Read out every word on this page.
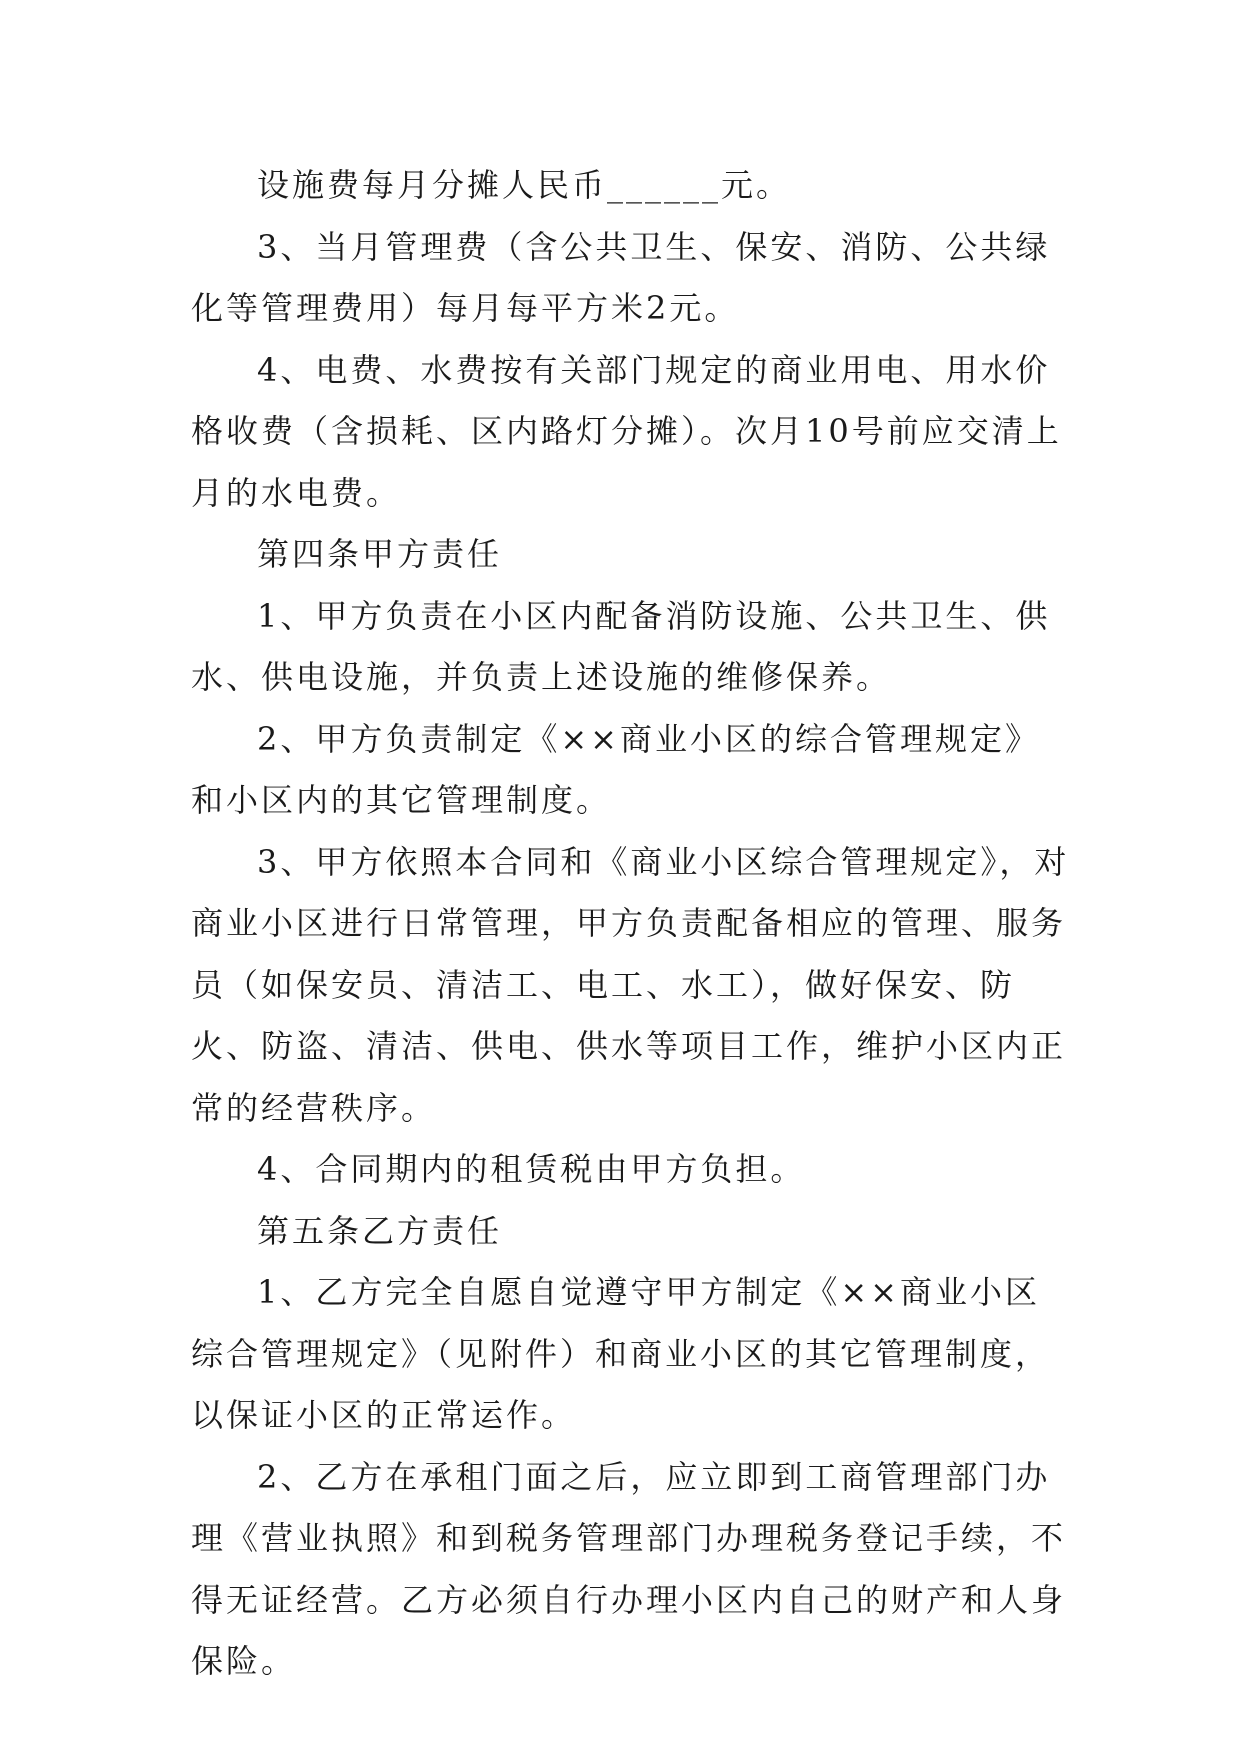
设施费每月分摊人民币______元。

3、当月管理费（含公共卫生、保安、消防、公共绿化等管理费用）每月每平方米2元。

4、电费、水费按有关部门规定的商业用电、用水价格收费（含损耗、区内路灯分摊）。次月10号前应交清上月的水电费。

第四条甲方责任

1、甲方负责在小区内配备消防设施、公共卫生、供水、供电设施，并负责上述设施的维修保养。

2、甲方负责制定《××商业小区的综合管理规定》和小区内的其它管理制度。

3、甲方依照本合同和《商业小区综合管理规定》，对商业小区进行日常管理，甲方负责配备相应的管理、服务员（如保安员、清洁工、电工、水工），做好保安、防火、防盗、清洁、供电、供水等项目工作，维护小区内正常的经营秩序。

4、合同期内的租赁税由甲方负担。

第五条乙方责任

1、乙方完全自愿自觉遵守甲方制定《××商业小区综合管理规定》（见附件）和商业小区的其它管理制度，以保证小区的正常运作。

2、乙方在承租门面之后，应立即到工商管理部门办理《营业执照》和到税务管理部门办理税务登记手续，不得无证经营。乙方必须自行办理小区内自己的财产和人身保险。
